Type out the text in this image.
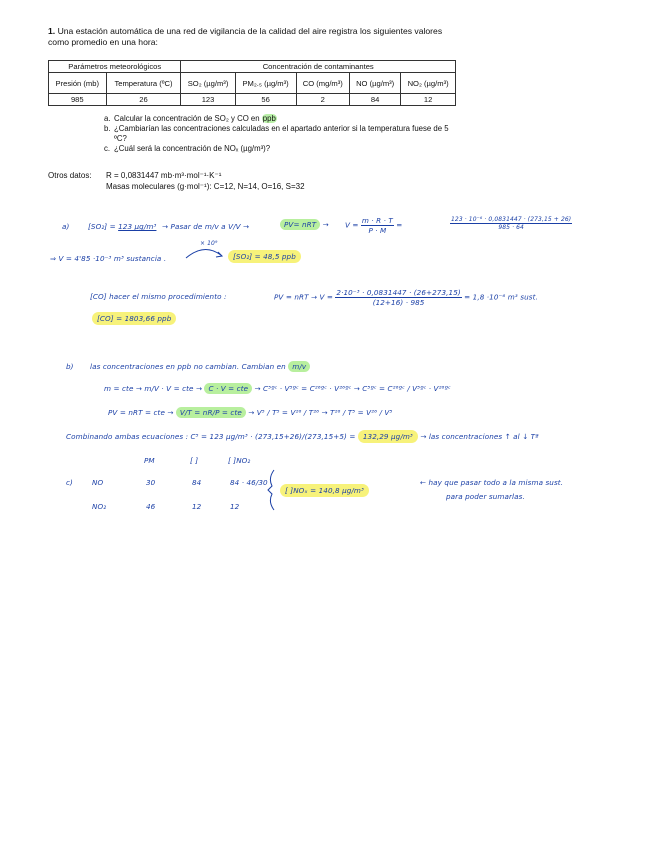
1. Una estación automática de una red de vigilancia de la calidad del aire registra los siguientes valores como promedio en una hora:
Parámetros meteorológicos		Concentración de contaminantes				
Presión (mb)	Temperatura (ºC)	SO₂ (µg/m³)	PM₂.₅ (µg/m³)	CO (mg/m³)	NO (µg/m³)	NO₂ (µg/m³)
985	26	123	56	2	84	12
a. Calcular la concentración de SO₂ y CO en ppb
b. ¿Cambiarían las concentraciones calculadas en el apartado anterior si la temperatura fuese de 5 ºC?
c. ¿Cuál será la concentración de NOₓ (µg/m³)?
Otros datos:	R = 0,0831447 mb·m³·mol⁻¹·K⁻¹
Masas moleculares (g·mol⁻¹): C=12, N=14, O=16, S=32
a)	[SO₂] = 123 µg/m³ → Pasar de m/v a V/V →	PV= nRT → $V = \frac{m \cdot R \cdot T}{P \cdot M}$ =	$\frac{\text{123 · 10⁻⁶ · 0,0831447 · (273,15 + 26)}}{985 \cdot 64}$
⇒ V = 4'85 ·10⁻³ m³ sustancia .
× 10⁹
[SO₂] = 48,5 ppb
[CO] hacer el mismo procedimiento :	PV = nRT → $V = \frac{\text{2·10⁻³ · 0,0831447 · (26+273,15)}}{(12+16) \cdot 985} = 1,8 \cdot 10^{-6}$ m³ sust.
[CO] = 1803,66 ppb
b) las concentraciones en ppb no cambian. Cambian en m/v
m = cte → m/V · V = cte → C · V = cte → C⁵ºᶜ · V⁵ºᶜ = C²⁶ºᶜ · V²⁶ºᶜ → C⁵ºᶜ = C²⁶ºᶜ / V⁵ºᶜ · V²⁶ºᶜ
PV = nRT = cte → V/T = nR/P = cte → V⁵ / T⁵ = V²⁶ / T²⁶ → T²⁶ / T⁵ = V²⁶ / V⁵
Combinando ambas ecuaciones : C⁵ = 123 µg/m³ · (273,15+26)/(273,15+5) = 132,29 µg/m³ → las concentraciones ↑ al ↓ Tª
PM	[ ]	[ ]NO₂
c)	NO	30	84	84 · 46/30
NO₂	46	12	12
[ ]NOₓ = 140,8 µg/m³
← hay que pasar todo a la misma sust.
para poder sumarlas.
